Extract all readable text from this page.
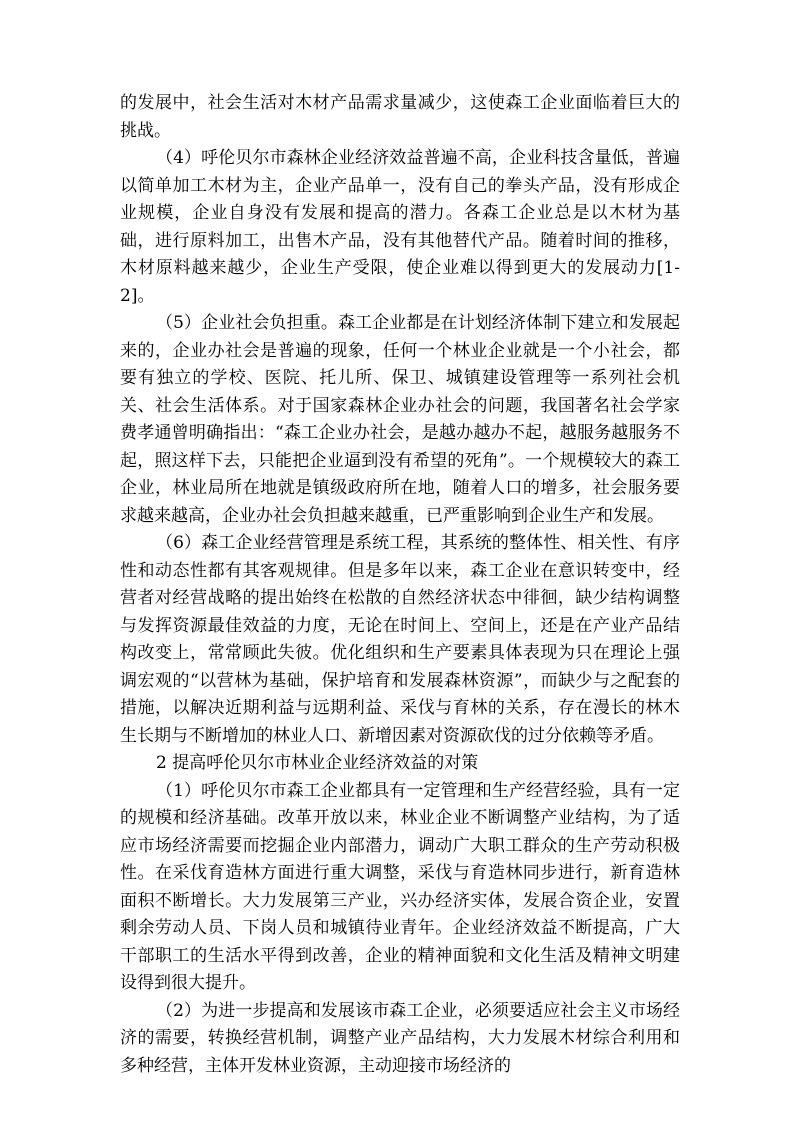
的发展中，社会生活对木材产品需求量减少，这使森工企业面临着巨大的挑战。

（4）呼伦贝尔市森林企业经济效益普遍不高，企业科技含量低，普遍以简单加工木材为主，企业产品单一，没有自己的拳头产品，没有形成企业规模，企业自身没有发展和提高的潜力。各森工企业总是以木材为基础，进行原料加工，出售木产品，没有其他替代产品。随着时间的推移，木材原料越来越少，企业生产受限，使企业难以得到更大的发展动力[1-2]。

（5）企业社会负担重。森工企业都是在计划经济体制下建立和发展起来的，企业办社会是普遍的现象，任何一个林业企业就是一个小社会，都要有独立的学校、医院、托儿所、保卫、城镇建设管理等一系列社会机关、社会生活体系。对于国家森林企业办社会的问题，我国著名社会学家费孝通曾明确指出：“森工企业办社会，是越办越办不起，越服务越服务不起，照这样下去，只能把企业逼到没有希望的死角”。一个规模较大的森工企业，林业局所在地就是镇级政府所在地，随着人口的增多，社会服务要求越来越高，企业办社会负担越来越重，已严重影响到企业生产和发展。

（6）森工企业经营管理是系统工程，其系统的整体性、相关性、有序性和动态性都有其客观规律。但是多年以来，森工企业在意识转变中，经营者对经营战略的提出始终在松散的自然经济状态中徘徊，缺少结构调整与发挥资源最佳效益的力度，无论在时间上、空间上，还是在产业产品结构改变上，常常顾此失彼。优化组织和生产要素具体表现为只在理论上强调宏观的“以营林为基础，保护培育和发展森林资源”，而缺少与之配套的措施，以解决近期利益与远期利益、采伐与育林的关系，存在漫长的林木生长期与不断增加的林业人口、新增因素对资源砍伐的过分依赖等矛盾。

2 提高呼伦贝尔市林业企业经济效益的对策

（1）呼伦贝尔市森工企业都具有一定管理和生产经营经验，具有一定的规模和经济基础。改革开放以来，林业企业不断调整产业结构，为了适应市场经济需要而挖掘企业内部潜力，调动广大职工群众的生产劳动积极性。在采伐育造林方面进行重大调整，采伐与育造林同步进行，新育造林面积不断增长。大力发展第三产业，兴办经济实体，发展合资企业，安置剩余劳动人员、下岗人员和城镇待业青年。企业经济效益不断提高，广大干部职工的生活水平得到改善，企业的精神面貌和文化生活及精神文明建设得到很大提升。

（2）为进一步提高和发展该市森工企业，必须要适应社会主义市场经济的需要，转换经营机制，调整产业产品结构，大力发展木材综合利用和多种经营，主体开发林业资源，主动迎接市场经济的
